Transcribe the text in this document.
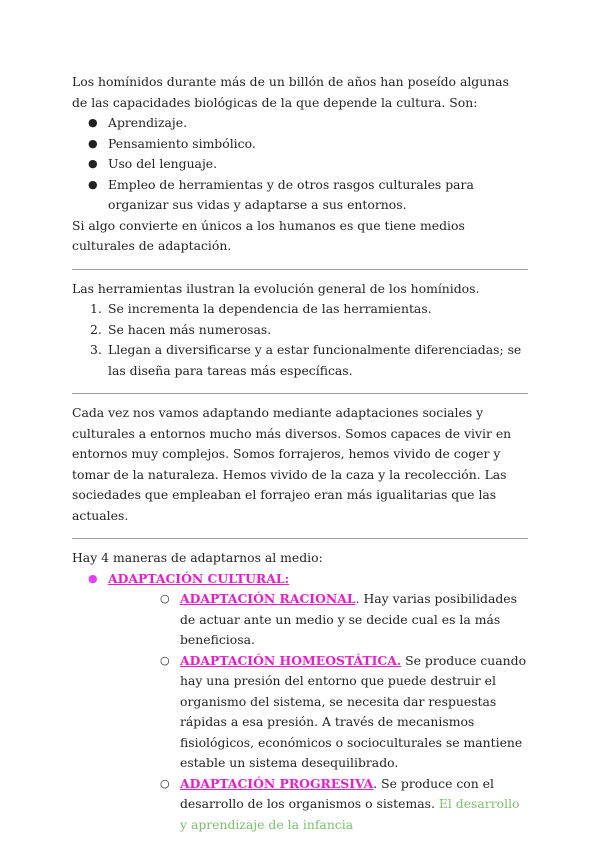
Los homínidos durante más de un billón de años han poseído algunas de las capacidades biológicas de la que depende la cultura. Son:

● Aprendizaje.
● Pensamiento simbólico.
● Uso del lenguaje.
● Empleo de herramientas y de otros rasgos culturales para organizar sus vidas y adaptarse a sus entornos.

Si algo convierte en únicos a los humanos es que tiene medios culturales de adaptación.

Las herramientas ilustran la evolución general de los homínidos.

1. Se incrementa la dependencia de las herramientas.
2. Se hacen más numerosas.
3. Llegan a diversificarse y a estar funcionalmente diferenciadas; se las diseña para tareas más específicas.

Cada vez nos vamos adaptando mediante adaptaciones sociales y culturales a entornos mucho más diversos. Somos capaces de vivir en entornos muy complejos. Somos forrajeros, hemos vivido de coger y tomar de la naturaleza. Hemos vivido de la caza y la recolección. Las sociedades que empleaban el forrajeo eran más igualitarias que las actuales.

Hay 4 maneras de adaptarnos al medio:

● ADAPTACIÓN CULTURAL:
○ ADAPTACIÓN RACIONAL. Hay varias posibilidades de actuar ante un medio y se decide cual es la más beneficiosa.
○ ADAPTACIÓN HOMEOSTÁTICA. Se produce cuando hay una presión del entorno que puede destruir el organismo del sistema, se necesita dar respuestas rápidas a esa presión. A través de mecanismos fisiológicos, económicos o socioculturales se mantiene estable un sistema desequilibrado.
○ ADAPTACIÓN PROGRESIVA. Se produce con el desarrollo de los organismos o sistemas. El desarrollo y aprendizaje de la infancia
